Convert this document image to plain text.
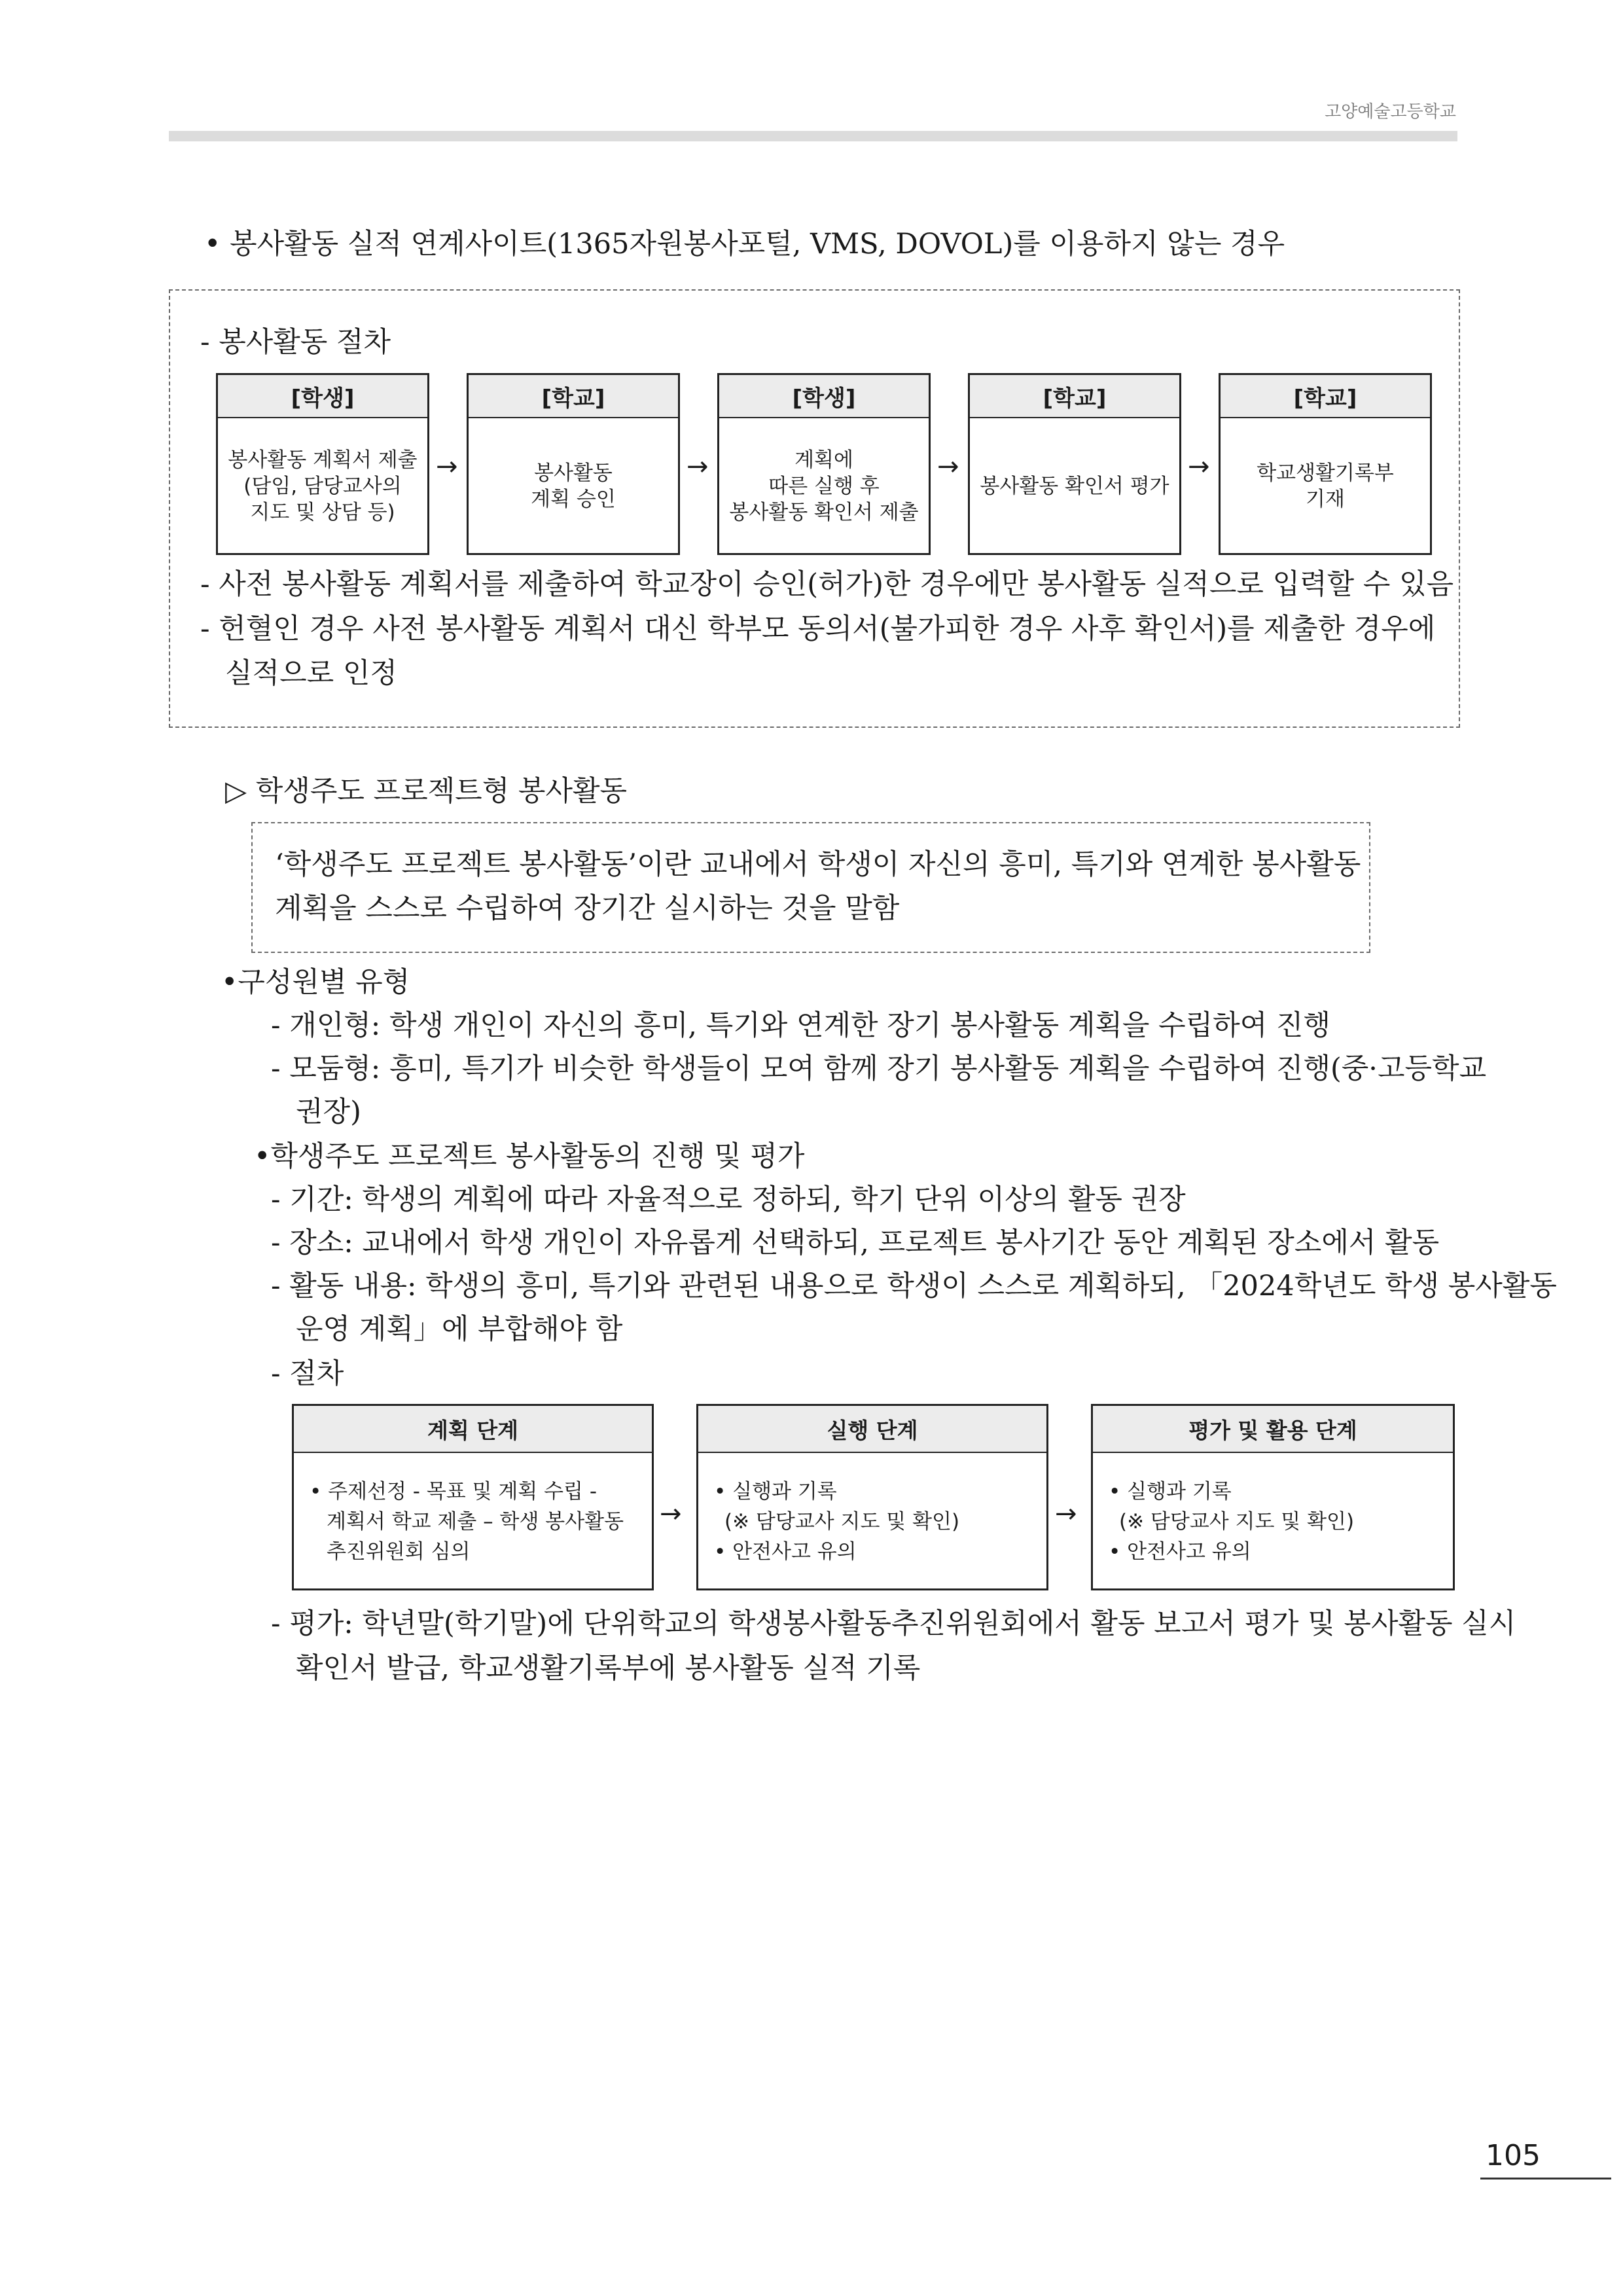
고양예술고등학교
• 봉사활동 실적 연계사이트(1365자원봉사포털, VMS, DOVOL)를 이용하지 않는 경우
- 봉사활동 절차
[학생]
봉사활동 계획서 제출
(담임, 담당교사의
지도 및 상담 등)
→
[학교]
봉사활동
계획 승인
→
[학생]
계획에
따른 실행 후
봉사활동 확인서 제출
→
[학교]
봉사활동 확인서 평가
→
[학교]
학교생활기록부
기재
- 사전 봉사활동 계획서를 제출하여 학교장이 승인(허가)한 경우에만 봉사활동 실적으로 입력할 수 있음
- 헌혈인 경우 사전 봉사활동 계획서 대신 학부모 동의서(불가피한 경우 사후 확인서)를 제출한 경우에
실적으로 인정
▷ 학생주도 프로젝트형 봉사활동
‘학생주도 프로젝트 봉사활동’이란 교내에서 학생이 자신의 흥미, 특기와 연계한 봉사활동
계획을 스스로 수립하여 장기간 실시하는 것을 말함
•구성원별 유형
- 개인형: 학생 개인이 자신의 흥미, 특기와 연계한 장기 봉사활동 계획을 수립하여 진행
- 모둠형: 흥미, 특기가 비슷한 학생들이 모여 함께 장기 봉사활동 계획을 수립하여 진행(중·고등학교
권장)
•학생주도 프로젝트 봉사활동의 진행 및 평가
- 기간: 학생의 계획에 따라 자율적으로 정하되, 학기 단위 이상의 활동 권장
- 장소: 교내에서 학생 개인이 자유롭게 선택하되, 프로젝트 봉사기간 동안 계획된 장소에서 활동
- 활동 내용: 학생의 흥미, 특기와 관련된 내용으로 학생이 스스로 계획하되, 「2024학년도 학생 봉사활동
운영 계획」에 부합해야 함
- 절차
계획 단계
• 주제선정 - 목표 및 계획 수립 -
계획서 학교 제출 – 학생 봉사활동
추진위원회 심의
→
실행 단계
• 실행과 기록
(※ 담당교사 지도 및 확인)
• 안전사고 유의
→
평가 및 활용 단계
• 실행과 기록
(※ 담당교사 지도 및 확인)
• 안전사고 유의
- 평가: 학년말(학기말)에 단위학교의 학생봉사활동추진위원회에서 활동 보고서 평가 및 봉사활동 실시
확인서 발급, 학교생활기록부에 봉사활동 실적 기록
105
